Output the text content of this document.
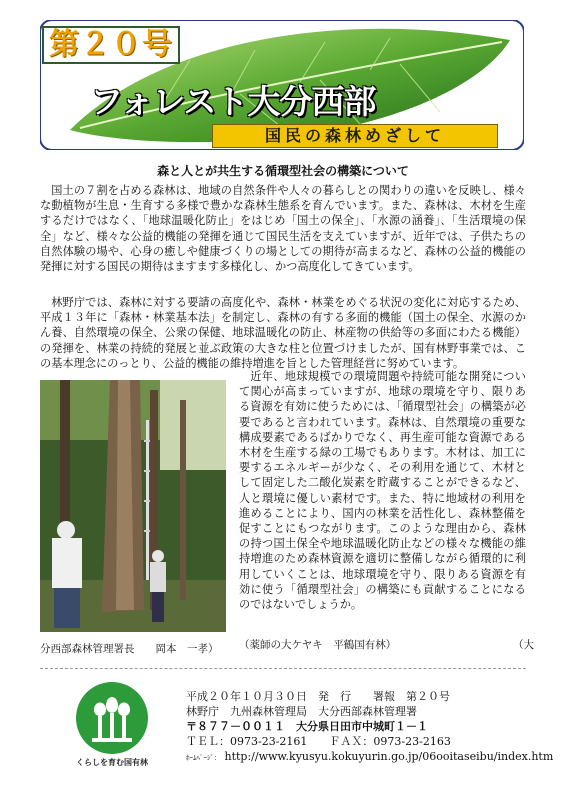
第２０号
フォレスト大分西部
国民の森林めざして
森と人とが共生する循環型社会の構築について
国土の７割を占める森林は、地域の自然条件や人々の暮らしとの関わりの違いを反映し、様々な動植物が生息・生育する多様で豊かな森林生態系を育んでいます。また、森林は、木材を生産するだけではなく、「地球温暖化防止」をはじめ「国土の保全」、「水源の涵養」、「生活環境の保全」など、様々な公益的機能の発揮を通じて国民生活を支えていますが、近年では、子供たちの自然体験の場や、心身の癒しや健康づくりの場としての期待が高まるなど、森林の公益的機能の発揮に対する国民の期待はますます多様化し、かつ高度化してきています。
林野庁では、森林に対する要請の高度化や、森林・林業をめぐる状況の変化に対応するため、平成１３年に「森林・林業基本法」を制定し、森林の有する多面的機能（国土の保全、水源のかん養、自然環境の保全、公衆の保健、地球温暖化の防止、林産物の供給等の多面にわたる機能）の発揮を、林業の持続的発展と並ぶ政策の大きな柱と位置づけましたが、国有林野事業では、この基本理念にのっとり、公益的機能の維持増進を旨とした管理経営に努めています。
近年、地球規模での環境問題や持続可能な開発について関心が高まっていますが、地球の環境を守り、限りある資源を有効に使うためには、「循環型社会」の構築が必要であると言われています。森林は、自然環境の重要な構成要素であるばかりでなく、再生産可能な資源である木材を生産する緑の工場でもあります。木材は、加工に要するエネルギーが少なく、その利用を通じて、木材として固定した二酸化炭素を貯蔵することができるなど、人と環境に優しい素材です。また、特に地域材の利用を進めることにより、国内の林業を活性化し、森林整備を促すことにもつながります。このような理由から、森林の持つ国土保全や地球温暖化防止などの様々な機能の維持増進のため森林資源を適切に整備しながら循環的に利用していくことは、地球環境を守り、限りある資源を有効に使う「循環型社会」の構築にも貢献することになるのではないでしょうか。
（薬師の大ケヤキ　平鶴国有林）	（大
分西部森林管理署長　　岡本　一孝）
くらしを育む国有林
平成２０年１０月３０日　発　行　　署報　第２０号
林野庁　九州森林管理局　大分西部森林管理署
〒８７７－００１１　大分県日田市中城町１－１
ＴＥＬ：0973-23-2161　　ＦＡＸ：0973-23-2163
ﾎｰﾑﾍﾟｰｼﾞ： http://www.kyusyu.kokuyurin.go.jp/06ooitaseibu/index.htm
